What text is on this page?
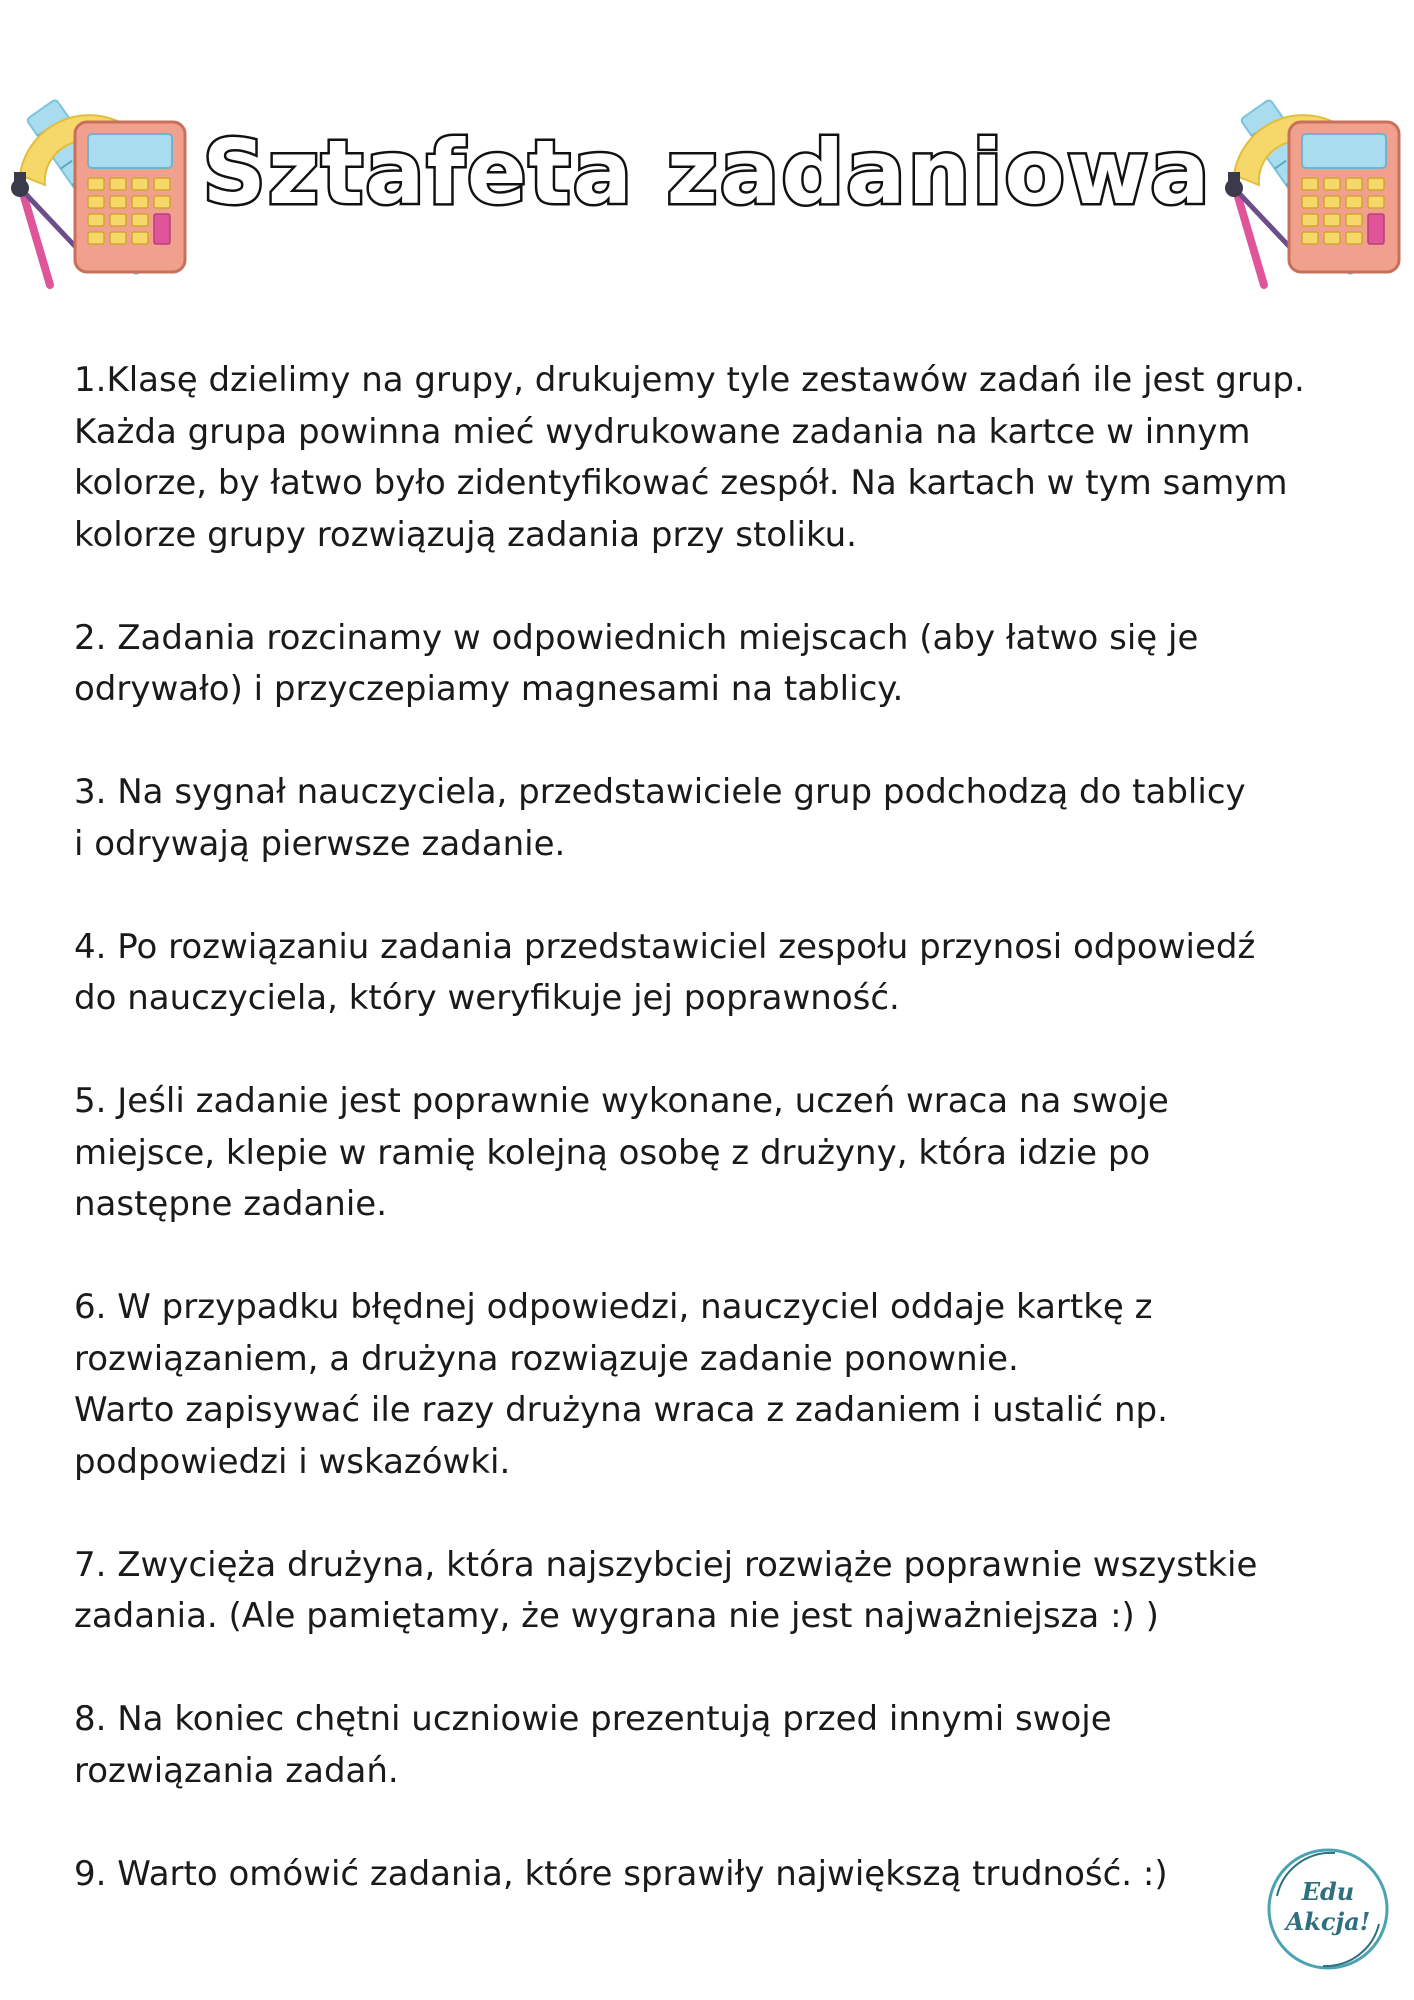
Sztafeta zadaniowa

1.Klasę dzielimy na grupy, drukujemy tyle zestawów zadań ile jest grup.
Każda grupa powinna mieć wydrukowane zadania na kartce w innym
kolorze, by łatwo było zidentyfikować zespół. Na kartach w tym samym
kolorze grupy rozwiązują zadania przy stoliku.

2. Zadania rozcinamy w odpowiednich miejscach (aby łatwo się je
odrywało) i przyczepiamy magnesami na tablicy.

3. Na sygnał nauczyciela, przedstawiciele grup podchodzą do tablicy
i odrywają pierwsze zadanie.

4. Po rozwiązaniu zadania przedstawiciel zespołu przynosi odpowiedź
do nauczyciela, który weryfikuje jej poprawność.

5. Jeśli zadanie jest poprawnie wykonane, uczeń wraca na swoje
miejsce, klepie w ramię kolejną osobę z drużyny, która idzie po
następne zadanie.

6. W przypadku błędnej odpowiedzi, nauczyciel oddaje kartkę z
rozwiązaniem, a drużyna rozwiązuje zadanie ponownie.
Warto zapisywać ile razy drużyna wraca z zadaniem i ustalić np.
podpowiedzi i wskazówki.

7. Zwycięża drużyna, która najszybciej rozwiąże poprawnie wszystkie
zadania. (Ale pamiętamy, że wygrana nie jest najważniejsza :) )

8. Na koniec chętni uczniowie prezentują przed innymi swoje
rozwiązania zadań.

9. Warto omówić zadania, które sprawiły największą trudność. :)	Edu
Akcja!
